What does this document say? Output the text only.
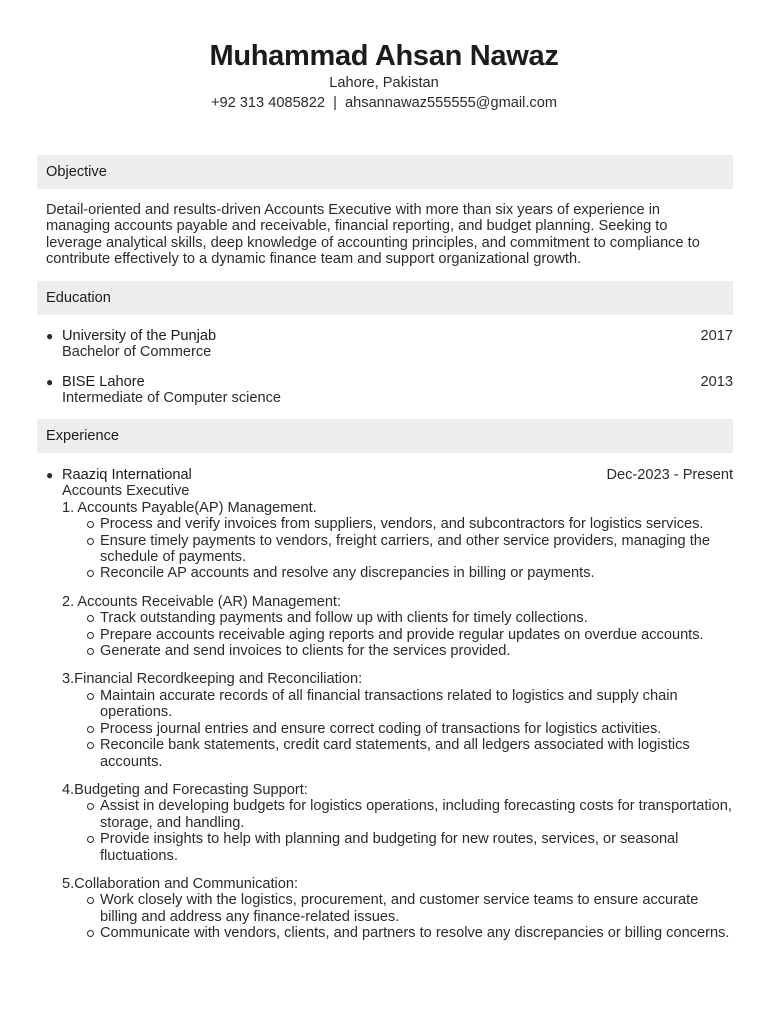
Muhammad Ahsan Nawaz
Lahore, Pakistan
+92 313 4085822  |  ahsannawaz555555@gmail.com
Objective
Detail-oriented and results-driven Accounts Executive with more than six years of experience in managing accounts payable and receivable, financial reporting, and budget planning. Seeking to leverage analytical skills, deep knowledge of accounting principles, and commitment to compliance to contribute effectively to a dynamic finance team and support organizational growth.
Education
● University of the Punjab	2017
Bachelor of Commerce
● BISE Lahore	2013
Intermediate of Computer science
Experience
● Raaziq International	Dec-2023 - Present
Accounts Executive
1. Accounts Payable(AP) Management.
Process and verify invoices from suppliers, vendors, and subcontractors for logistics services.
Ensure timely payments to vendors, freight carriers, and other service providers, managing the schedule of payments.
Reconcile AP accounts and resolve any discrepancies in billing or payments.
2. Accounts Receivable (AR) Management:
Track outstanding payments and follow up with clients for timely collections.
Prepare accounts receivable aging reports and provide regular updates on overdue accounts.
Generate and send invoices to clients for the services provided.
3.Financial Recordkeeping and Reconciliation:
Maintain accurate records of all financial transactions related to logistics and supply chain operations.
Process journal entries and ensure correct coding of transactions for logistics activities.
Reconcile bank statements, credit card statements, and all ledgers associated with logistics accounts.
4.Budgeting and Forecasting Support:
Assist in developing budgets for logistics operations, including forecasting costs for transportation, storage, and handling.
Provide insights to help with planning and budgeting for new routes, services, or seasonal fluctuations.
5.Collaboration and Communication:
Work closely with the logistics, procurement, and customer service teams to ensure accurate billing and address any finance-related issues.
Communicate with vendors, clients, and partners to resolve any discrepancies or billing concerns.
